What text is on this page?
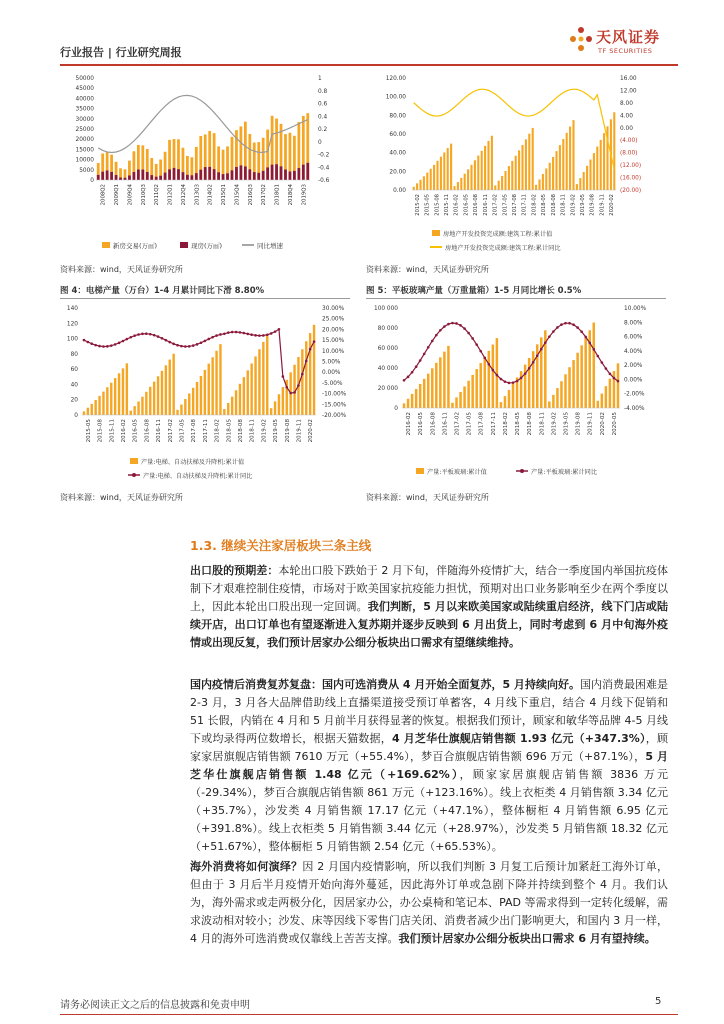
行业报告 | 行业研究周报
天风证券
TF SECURITIES
50000
45000
40000
35000
30000
25000
20000
15000
10000
5000
0
1
0.8
0.6
0.4
0.2
0
-0.2
-0.4
-0.6
2008Q2 2009Q1 2009Q4 2010Q3 2011Q2 2012Q1 2012Q4 2013Q3 2014Q2 2015Q1 2015Q4 2016Q3 2017Q2 2018Q1 2018Q4 2019Q3
新房交易(万㎡)	现房(万㎡)	同比增速
120.00
100.00
80.00
60.00
40.00
20.00
0.00
16.00
12.00
8.00
4.00
0.00
(4.00)
(8.00)
(12.00)
(16.00)
(20.00)
2015-02 2015-05 2015-08 2015-11 2016-02 2016-05 2016-08 2016-11 2017-02 2017-05 2017-08 2017-11 2018-02 2018-05 2018-08 2018-11 2019-02 2019-05 2019-08 2019-11 2020-02
房地产开发投资完成额:建筑工程:累计值
房地产开发投资完成额:建筑工程:累计同比
资料来源：wind，天风证券研究所	资料来源：wind，天风证券研究所
图 4：电梯产量（万台）1-4 月累计同比下滑 8.80%	图 5：平板玻璃产量（万重量箱）1-5 月同比增长 0.5%
140
120
100
80
60
40
20
0
30.00%
25.00%
20.00%
15.00%
10.00%
5.00%
0.00%
-5.00%
-10.00%
-15.00%
-20.00%
2015-05 2015-08 2015-11 2016-02 2016-05 2016-08 2016-11 2017-02 2017-05 2017-08 2017-11 2018-02 2018-05 2018-08 2018-11 2019-02 2019-05 2019-08 2019-11 2020-02
产量:电梯、自动扶梯及升降机:累计值
产量:电梯、自动扶梯及升降机:累计同比
100 000
80 000
60 000
40 000
20 000
0
10.00%
8.00%
6.00%
4.00%
2.00%
0.00%
-2.00%
-4.00%
2016-02 2016-05 2016-08 2016-11 2017-02 2017-05 2017-08 2017-11 2018-02 2018-05 2018-08 2018-11 2019-02 2019-05 2019-08 2019-11 2020-02 2020-05
产量:平板玻璃:累计值	产量:平板玻璃:累计同比
资料来源：wind，天风证券研究所	资料来源：wind，天风证券研究所
1.3. 继续关注家居板块三条主线
出口股的预期差：本轮出口股下跌始于 2 月下旬，伴随海外疫情扩大，结合一季度国内举国抗疫体制下才艰难控制住疫情，市场对于欧美国家抗疫能力担忧，预期对出口业务影响至少在两个季度以上，因此本轮出口股出现一定回调。我们判断，5 月以来欧美国家或陆续重启经济，线下门店或陆续开店，出口订单也有望逐渐进入复苏期并逐步反映到 6 月出货上，同时考虑到 6 月中旬海外疫情或出现反复，我们预计居家办公细分板块出口需求有望继续维持。
国内疫情后消费复苏复盘：国内可选消费从 4 月开始全面复苏，5 月持续向好。国内消费最困难是 2-3 月，3 月各大品牌借助线上直播渠道接受预订单蓄客，4 月线下重启，结合 4 月线下促销和 51 长假，内销在 4 月和 5 月前半月获得显著的恢复。根据我们预计，顾家和敏华等品牌 4-5 月线下或均录得两位数增长，根据天猫数据，4 月芝华仕旗舰店销售额 1.93 亿元（+347.3%），顾家家居旗舰店销售额 7610 万元（+55.4%），梦百合旗舰店销售额 696 万元（+87.1%），5 月芝华仕旗舰店销售额 1.48 亿元（+169.62%），顾家家居旗舰店销售额 3836 万元（-29.34%），梦百合旗舰店销售额 861 万元（+123.16%）。线上衣柜类 4 月销售额 3.34 亿元（+35.7%），沙发类 4 月销售额 17.17 亿元（+47.1%），整体橱柜 4 月销售额 6.95 亿元（+391.8%）。线上衣柜类 5 月销售额 3.44 亿元（+28.97%），沙发类 5 月销售额 18.32 亿元（+51.67%），整体橱柜 5 月销售额 2.54 亿元（+65.53%）。
海外消费将如何演绎？因 2 月国内疫情影响，所以我们判断 3 月复工后预计加紧赶工海外订单，但由于 3 月后半月疫情开始向海外蔓延，因此海外订单或急剧下降并持续到整个 4 月。我们认为，海外需求或走两极分化，因居家办公，办公桌椅和笔记本、PAD 等需求得到一定转化缓解，需求波动相对较小；沙发、床等因线下零售门店关闭、消费者减少出门影响更大，和国内 3 月一样，4 月的海外可选消费或仅靠线上苦苦支撑。我们预计居家办公细分板块出口需求 6 月有望持续。
请务必阅读正文之后的信息披露和免责申明	5
